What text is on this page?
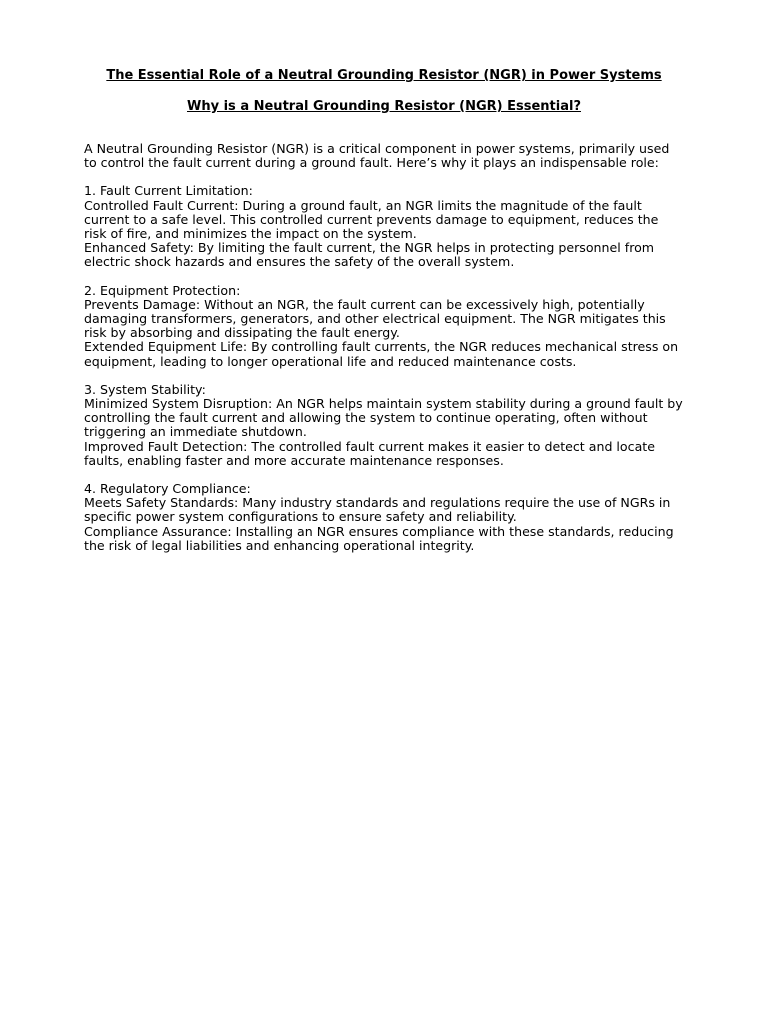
The Essential Role of a Neutral Grounding Resistor (NGR) in Power Systems
Why is a Neutral Grounding Resistor (NGR) Essential?

A Neutral Grounding Resistor (NGR) is a critical component in power systems, primarily used to control the fault current during a ground fault. Here’s why it plays an indispensable role:

1. Fault Current Limitation:

Controlled Fault Current: During a ground fault, an NGR limits the magnitude of the fault current to a safe level. This controlled current prevents damage to equipment, reduces the risk of fire, and minimizes the impact on the system.

Enhanced Safety: By limiting the fault current, the NGR helps in protecting personnel from electric shock hazards and ensures the safety of the overall system.

2. Equipment Protection:

Prevents Damage: Without an NGR, the fault current can be excessively high, potentially damaging transformers, generators, and other electrical equipment. The NGR mitigates this risk by absorbing and dissipating the fault energy.

Extended Equipment Life: By controlling fault currents, the NGR reduces mechanical stress on equipment, leading to longer operational life and reduced maintenance costs.

3. System Stability:

Minimized System Disruption: An NGR helps maintain system stability during a ground fault by controlling the fault current and allowing the system to continue operating, often without triggering an immediate shutdown.

Improved Fault Detection: The controlled fault current makes it easier to detect and locate faults, enabling faster and more accurate maintenance responses.

4. Regulatory Compliance:

Meets Safety Standards: Many industry standards and regulations require the use of NGRs in specific power system configurations to ensure safety and reliability.

Compliance Assurance: Installing an NGR ensures compliance with these standards, reducing the risk of legal liabilities and enhancing operational integrity.
